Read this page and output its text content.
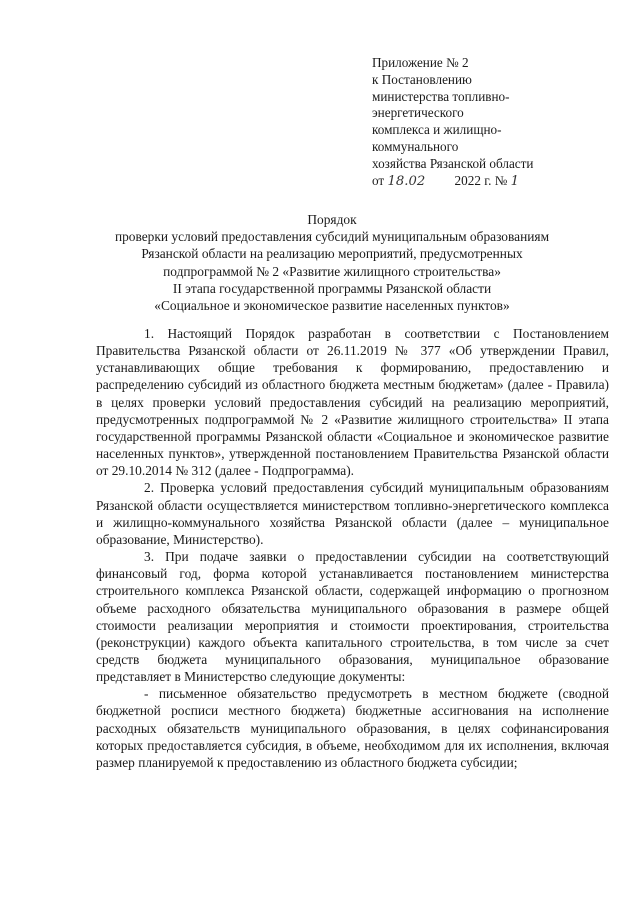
Приложение № 2
к Постановлению
министерства топливно-
энергетического
комплекса и жилищно-
коммунального
хозяйства Рязанской области
от 18.02 2022 г. № 1
Порядок
проверки условий предоставления субсидий муниципальным образованиям
Рязанской области на реализацию мероприятий, предусмотренных
подпрограммой № 2 «Развитие жилищного строительства»
II этапа государственной программы Рязанской области
«Социальное и экономическое развитие населенных пунктов»

1. Настоящий Порядок разработан в соответствии с Постановлением Правительства Рязанской области от 26.11.2019 № 377 «Об утверждении Правил, устанавливающих общие требования к формированию, предоставлению и распределению субсидий из областного бюджета местным бюджетам» (далее - Правила) в целях проверки условий предоставления субсидий на реализацию мероприятий, предусмотренных подпрограммой № 2 «Развитие жилищного строительства» II этапа государственной программы Рязанской области «Социальное и экономическое развитие населенных пунктов», утвержденной постановлением Правительства Рязанской области от 29.10.2014 № 312 (далее - Подпрограмма).

2. Проверка условий предоставления субсидий муниципальным образованиям Рязанской области осуществляется министерством топливно-энергетического комплекса и жилищно-коммунального хозяйства Рязанской области (далее – муниципальное образование, Министерство).

3. При подаче заявки о предоставлении субсидии на соответствующий финансовый год, форма которой устанавливается постановлением министерства строительного комплекса Рязанской области, содержащей информацию о прогнозном объеме расходного обязательства муниципального образования в размере общей стоимости реализации мероприятия и стоимости проектирования, строительства (реконструкции) каждого объекта капитального строительства, в том числе за счет средств бюджета муниципального образования, муниципальное образование представляет в Министерство следующие документы:

- письменное обязательство предусмотреть в местном бюджете (сводной бюджетной росписи местного бюджета) бюджетные ассигнования на исполнение расходных обязательств муниципального образования, в целях софинансирования которых предоставляется субсидия, в объеме, необходимом для их исполнения, включая размер планируемой к предоставлению из областного бюджета субсидии;
